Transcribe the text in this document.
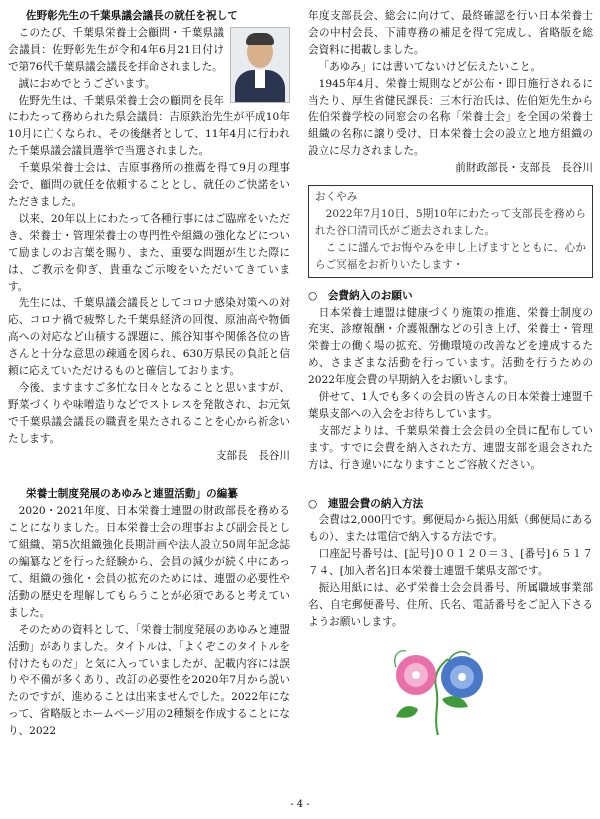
佐野彰先生の千葉県議会議長の就任を祝して

このたび、千葉県栄養士会顧問・千葉県議会議員：佐野彰先生が令和4年6月21日付けで第76代千葉県議会議長を拝命されました。

誠におめでとうございます。

佐野先生は、千葉県栄養士会の顧問を長年にわたって務められた県会議員：吉原鉄治先生が平成10年10月に亡くなられ、その後継者として、11年4月に行われた千葉県議会議員選挙で当選されました。

千葉県栄養士会は、吉原事務所の推薦を得て9月の理事会で、顧問の就任を依頼することとし、就任のご快諾をいただきました。

以来、20年以上にわたって各種行事にはご臨席をいただき、栄養士・管理栄養士の専門性や組織の強化などについて励ましのお言葉を賜り、また、重要な問題が生じた際には、ご教示を仰ぎ、貴重なご示唆をいただいてきています。

先生には、千葉県議会議長としてコロナ感染対策への対応、コロナ禍で疲弊した千葉県経済の回復、原油高や物価高への対応など山積する課題に、熊谷知事や関係各位の皆さんと十分な意思の疎通を図られ、630万県民の負託と信頼に応えていただけるものと確信しております。

今後、ますますご多忙な日々となることと思いますが、野菜づくりや味噌造りなどでストレスを発散され、お元気で千葉県議会議長の職責を果たされることを心から祈念いたします。

支部長　長谷川

栄養士制度発展のあゆみと連盟活動」の編纂

2020・2021年度、日本栄養士連盟の財政部長を務めることになりました。日本栄養士会の理事および副会長として組織、第5次組織強化長期計画や法人設立50周年記念誌の編纂などを行った経験から、会員の減少が続く中にあって、組織の強化・会員の拡充のためには、連盟の必要性や活動の歴史を理解してもらうことが必須であると考えていました。

そのための資料として、「栄養士制度発展のあゆみと連盟活動」がありました。タイトルは、「よくぞこのタイトルを付けたものだ」と気に入っていましたが、記載内容には誤りや不備が多くあり、改訂の必要性を2020年7月から説いたのですが、進めることは出来ませんでした。2022年になって、省略版とホームページ用の2種類を作成することになり、2022

年度支部長会、総会に向けて、最終確認を行い日本栄養士会の中村会長、下浦専務の補足を得て完成し、省略版を総会資料に掲載しました。

「あゆみ」には書いてないけど伝えたいこと。

1945年4月、栄養士規則などが公布・即日施行されるに当たり、厚生省健民課長：三木行治氏は、佐伯矩先生から佐伯栄養学校の同窓会の名称「栄養士会」を全国の栄養士組織の名称に譲り受け、日本栄養士会の設立と地方組織の設立に尽力されました。

前財政部長・支部長　長谷川

おくやみ

2022年7月10日、5期10年にわたって支部長を務められた谷口清司氏がご逝去されました。

ここに謹んでお悔やみを申し上げますとともに、心からご冥福をお祈りいたします・

○　会費納入のお願い

日本栄養士連盟は健康づくり施策の推進、栄養士制度の充実、診療報酬・介護報酬などの引き上げ、栄養士・管理栄養士の働く場の拡充、労働環境の改善などを達成するため、さまざまな活動を行っています。活動を行うための2022年度会費の早期納入をお願いします。

併せて、1人でも多くの会員の皆さんの日本栄養士連盟千葉県支部への入会をお待ちしています。

支部だよりは、千葉県栄養士会会員の全員に配布しています。すでに会費を納入された方、連盟支部を退会された方は、行き違いになりますことご容赦ください。

○　連盟会費の納入方法

会費は2,000円です。郵便局から振込用紙（郵便局にあるもの）、または電信で納入する方法です。

口座記号番号は、[記号]００１２０＝３、[番号]６５１７７４、[加入者名]日本栄養士連盟千葉県支部です。

振込用紙には、必ず栄養士会会員番号、所属職域事業部名、自宅郵便番号、住所、氏名、電話番号をご記入下さるようお願いします。

- 4 -
